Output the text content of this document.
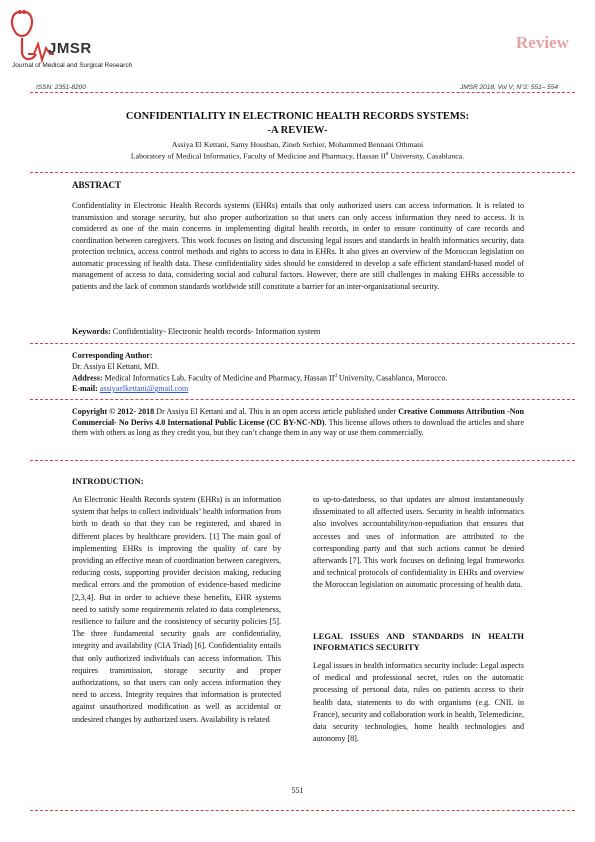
JMSR
Journal of Medical and Surgical Research
Review
ISSN: 2351-8200	JMSR 2018, Vol V; N°2: 551– 554
CONFIDENTIALITY IN ELECTRONIC HEALTH RECORDS SYSTEMS:
-A REVIEW-
Assiya El Kettani, Samy Housban, Zineb Serhier, Mohammed Bennani Othmani
Laboratory of Medical Informatics, Faculty of Medicine and Pharmacy, Hassan $II^d$ University, Casablanca.
ABSTRACT
Confidentiality in Electronic Health Records systems (EHRs) entails that only authorized users can access information. It is related to transmission and storage security, but also proper authorization so that users can only access information they need to access. It is considered as one of the main concerns in implementing digital health records, in order to ensure continuity of care records and coordination between caregivers. This work focuses on listing and discussing legal issues and standards in health informatics security, data protection technics, access control methods and rights to access to data in EHRs. It also gives an overview of the Moroccan legislation on automatic processing of health data. These confidentiality sides should be considered to develop a safe efficient standard-based model of management of access to data, considering social and cultural factors. However, there are still challenges in making EHRs accessible to patients and the lack of common standards worldwide still constitute a barrier for an inter-organizational security.
Keywords: Confidentiality- Electronic health records- Information system
Corresponding Author:
Dr. Assiya El Kettani, MD.
Address: Medical Informatics Lab, Faculty of Medicine and Pharmacy, Hassan $II^d$ University, Casablanca, Morocco.
E-mail: assiyaelkettani@gmail.com
Copyright © 2012- 2018 Dr Assiya El Kettani and al. This is an open access article published under Creative Commons Attribution -Non Commercial- No Derivs 4.0 International Public License (CC BY-NC-ND). This license allows others to download the articles and share them with others as long as they credit you, but they can’t change them in any way or use them commercially.
INTRODUCTION:
An Electronic Health Records system (EHRs) is an information system that helps to collect individuals’ health information from birth to death so that they can be registered, and shared in different places by healthcare providers. [1] The main goal of implementing EHRs is improving the quality of care by providing an effective mean of coordination between caregivers, reducing costs, supporting provider decision making, reducing medical errors and the promotion of evidence-based medicine [2,3,4]. But in order to achieve these benefits, EHR systems need to satisfy some requirements related to data completeness, resilience to failure and the consistency of security policies [5]. The three fundamental security goals are confidentiality, integrity and availability (CIA Triad) [6]. Confidentiality entails that only authorized individuals can access information. This requires transmission, storage security and proper authorizations, so that users can only access information they need to access. Integrity requires that information is protected against unauthorized modification as well as accidental or undesired changes by authorized users. Availability is related
to up-to-datedness, so that updates are almost instantaneously disseminated to all affected users. Security in health informatics also involves accountability/non-repudiation that ensures that accesses and uses of information are attributed to the corresponding party and that such actions cannot be denied afterwards [7]. This work focuses on defining legal frameworks and technical protocols of confidentiality in EHRs and overview the Moroccan legislation on automatic processing of health data.
LEGAL ISSUES AND STANDARDS IN HEALTH INFORMATICS SECURITY
Legal issues in health informatics security include: Legal aspects of medical and professional secret, rules on the automatic processing of personal data, rules on patients access to their health data, statements to do with organisms (e.g. CNIL in France), security and collaboration work in health, Telemedicine, data security technologies, home health technologies and autonomy [8].
551
